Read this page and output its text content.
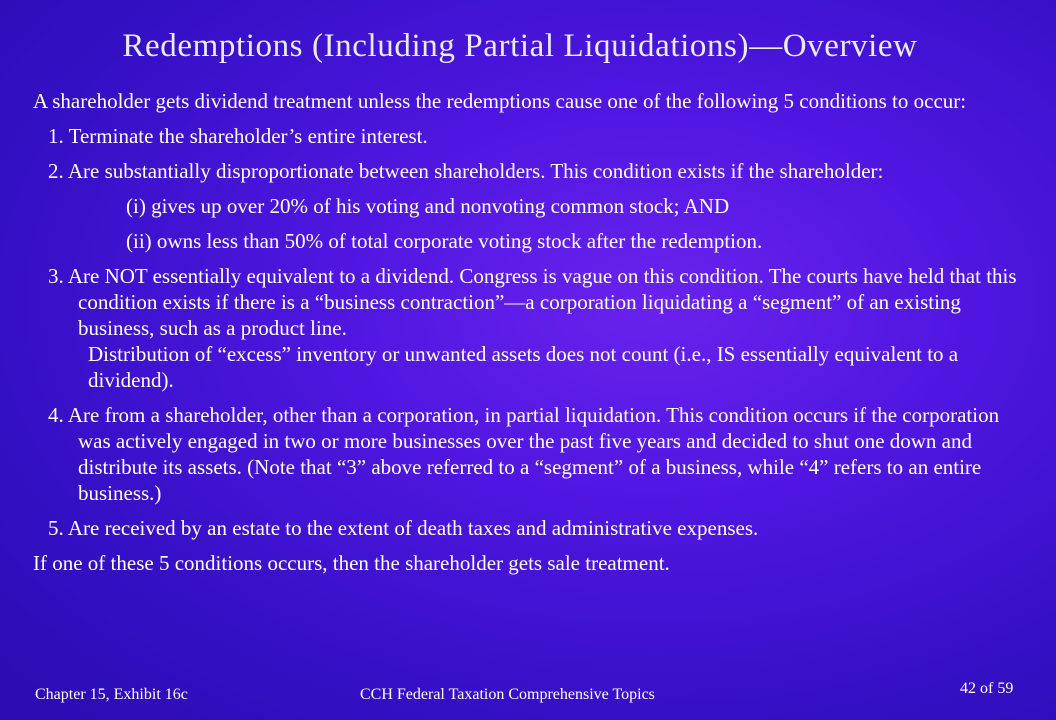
Redemptions (Including Partial Liquidations)—Overview
A shareholder gets dividend treatment unless the redemptions cause one of the following 5 conditions to occur:
1. Terminate the shareholder’s entire interest.
2. Are substantially disproportionate between shareholders. This condition exists if the shareholder:
(i) gives up over 20% of his voting and nonvoting common stock; AND
(ii) owns less than 50% of total corporate voting stock after the redemption.
3. Are NOT essentially equivalent to a dividend. Congress is vague on this condition. The courts have held that this condition exists if there is a “business contraction”—a corporation liquidating a “segment” of an existing business, such as a product line.
Distribution of “excess” inventory or unwanted assets does not count (i.e., IS essentially equivalent to a dividend).
4. Are from a shareholder, other than a corporation, in partial liquidation. This condition occurs if the corporation was actively engaged in two or more businesses over the past five years and decided to shut one down and distribute its assets. (Note that “3” above referred to a “segment” of a business, while “4” refers to an entire business.)
5. Are received by an estate to the extent of death taxes and administrative expenses.
If one of these 5 conditions occurs, then the shareholder gets sale treatment.
Chapter 15, Exhibit 16c	CCH Federal Taxation Comprehensive Topics	42 of 59
